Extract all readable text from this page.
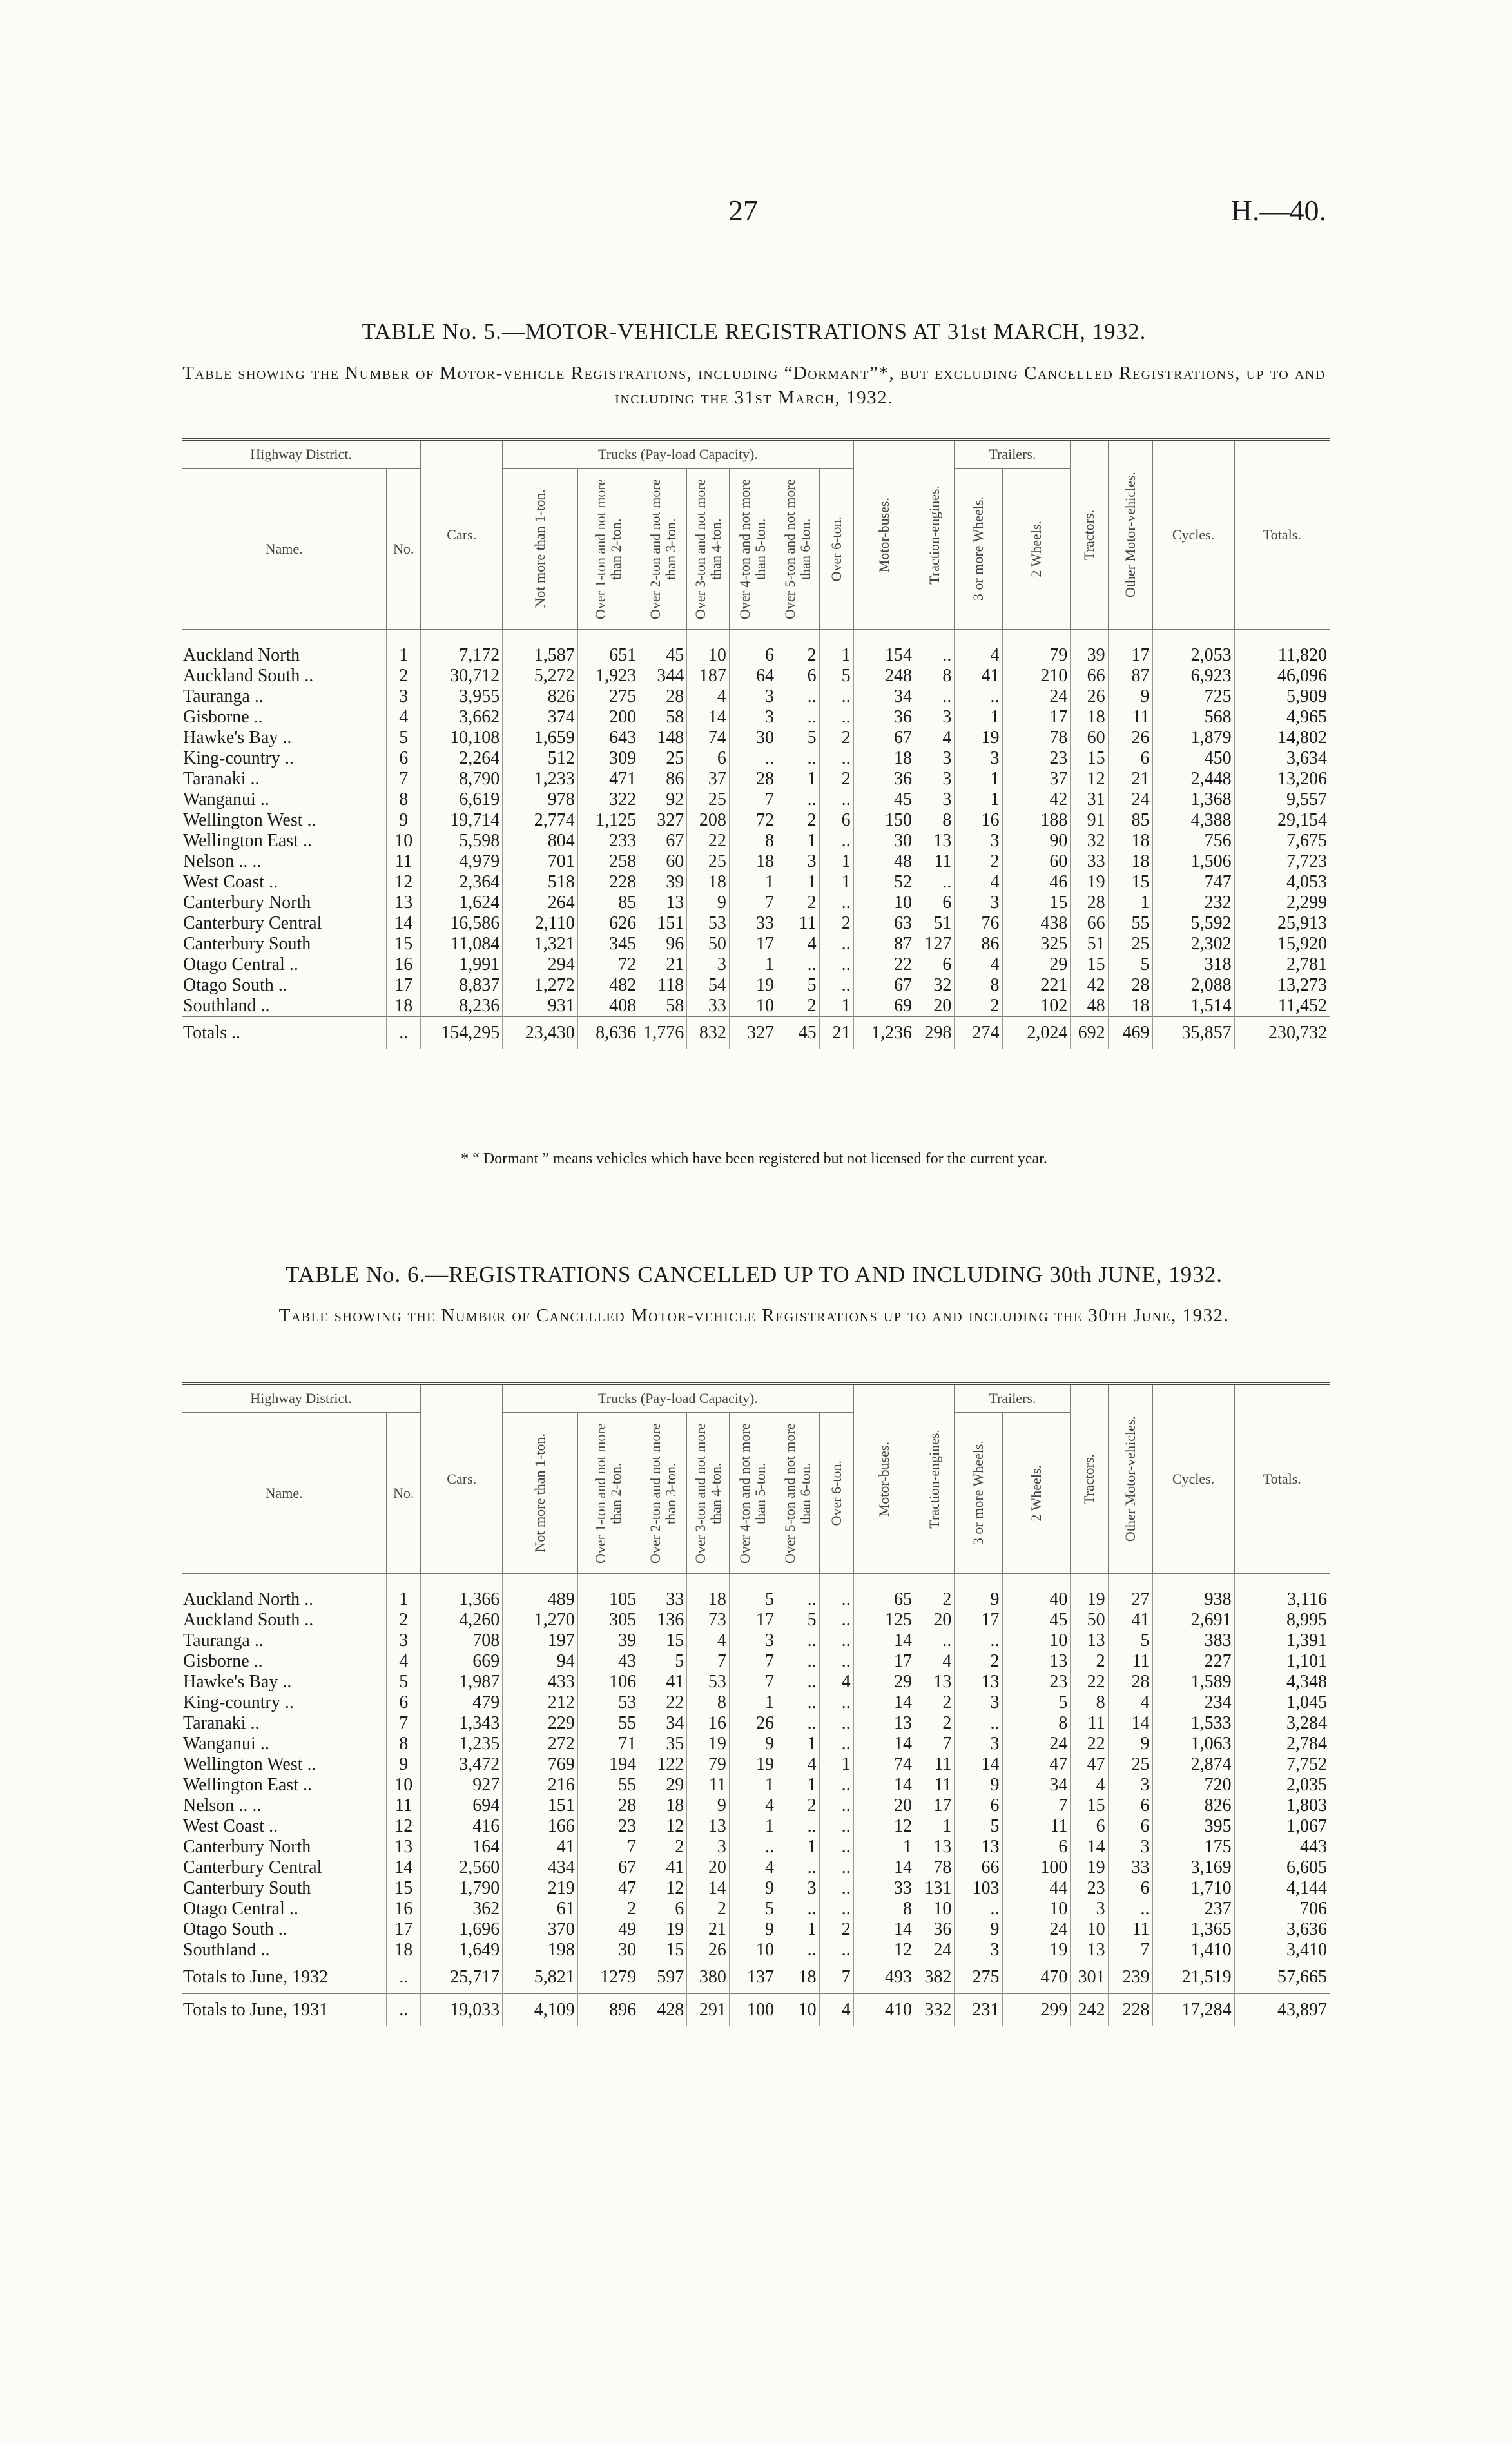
27	H.—40.
TABLE No. 5.—MOTOR-VEHICLE REGISTRATIONS AT 31st MARCH, 1932.
Table showing the Number of Motor-vehicle Registrations, including “Dormant”*, but excluding Cancelled Registrations, up to and including the 31st March, 1932.
Highway District.		Cars.	Trucks (Pay-load Capacity).							Motor-buses.	Traction-engines.	Trailers.		Tractors.	Other Motor-vehicles.	Cycles.	Totals.
Name.	No.		Not more than 1-ton.	Over 1-ton and not more than 2-ton.	Over 2-ton and not more than 3-ton.	Over 3-ton and not more than 4-ton.	Over 4-ton and not more than 5-ton.	Over 5-ton and not more than 6-ton.	Over 6-ton.			3 or more Wheels.	2 Wheels.				

Auckland North	1	7,172	1,587	651	45	10	6	2	1	154	..	4	79	39	17	2,053	11,820
Auckland South ..	2	30,712	5,272	1,923	344	187	64	6	5	248	8	41	210	66	87	6,923	46,096
Tauranga ..	3	3,955	826	275	28	4	3	..	..	34	..	..	24	26	9	725	5,909
Gisborne ..	4	3,662	374	200	58	14	3	..	..	36	3	1	17	18	11	568	4,965
Hawke's Bay ..	5	10,108	1,659	643	148	74	30	5	2	67	4	19	78	60	26	1,879	14,802
King-country ..	6	2,264	512	309	25	6	..	..	..	18	3	3	23	15	6	450	3,634
Taranaki ..	7	8,790	1,233	471	86	37	28	1	2	36	3	1	37	12	21	2,448	13,206
Wanganui ..	8	6,619	978	322	92	25	7	..	..	45	3	1	42	31	24	1,368	9,557
Wellington West ..	9	19,714	2,774	1,125	327	208	72	2	6	150	8	16	188	91	85	4,388	29,154
Wellington East ..	10	5,598	804	233	67	22	8	1	..	30	13	3	90	32	18	756	7,675
Nelson .. ..	11	4,979	701	258	60	25	18	3	1	48	11	2	60	33	18	1,506	7,723
West Coast ..	12	2,364	518	228	39	18	1	1	1	52	..	4	46	19	15	747	4,053
Canterbury North	13	1,624	264	85	13	9	7	2	..	10	6	3	15	28	1	232	2,299
Canterbury Central	14	16,586	2,110	626	151	53	33	11	2	63	51	76	438	66	55	5,592	25,913
Canterbury South	15	11,084	1,321	345	96	50	17	4	..	87	127	86	325	51	25	2,302	15,920
Otago Central ..	16	1,991	294	72	21	3	1	..	..	22	6	4	29	15	5	318	2,781
Otago South ..	17	8,837	1,272	482	118	54	19	5	..	67	32	8	221	42	28	2,088	13,273
Southland ..	18	8,236	931	408	58	33	10	2	1	69	20	2	102	48	18	1,514	11,452
Totals ..	..	154,295	23,430	8,636	1,776	832	327	45	21	1,236	298	274	2,024	692	469	35,857	230,732
* “ Dormant ” means vehicles which have been registered but not licensed for the current year.
TABLE No. 6.—REGISTRATIONS CANCELLED UP TO AND INCLUDING 30th JUNE, 1932.
Table showing the Number of Cancelled Motor-vehicle Registrations up to and including the 30th June, 1932.
Highway District.		Cars.	Trucks (Pay-load Capacity).							Motor-buses.	Traction-engines.	Trailers.		Tractors.	Other Motor-vehicles.	Cycles.	Totals.
Name.	No.		Not more than 1-ton.	Over 1-ton and not more than 2-ton.	Over 2-ton and not more than 3-ton.	Over 3-ton and not more than 4-ton.	Over 4-ton and not more than 5-ton.	Over 5-ton and not more than 6-ton.	Over 6-ton.			3 or more Wheels.	2 Wheels.				

Auckland North ..	1	1,366	489	105	33	18	5	..	..	65	2	9	40	19	27	938	3,116
Auckland South ..	2	4,260	1,270	305	136	73	17	5	..	125	20	17	45	50	41	2,691	8,995
Tauranga ..	3	708	197	39	15	4	3	..	..	14	..	..	10	13	5	383	1,391
Gisborne ..	4	669	94	43	5	7	7	..	..	17	4	2	13	2	11	227	1,101
Hawke's Bay ..	5	1,987	433	106	41	53	7	..	4	29	13	13	23	22	28	1,589	4,348
King-country ..	6	479	212	53	22	8	1	..	..	14	2	3	5	8	4	234	1,045
Taranaki ..	7	1,343	229	55	34	16	26	..	..	13	2	..	8	11	14	1,533	3,284
Wanganui ..	8	1,235	272	71	35	19	9	1	..	14	7	3	24	22	9	1,063	2,784
Wellington West ..	9	3,472	769	194	122	79	19	4	1	74	11	14	47	47	25	2,874	7,752
Wellington East ..	10	927	216	55	29	11	1	1	..	14	11	9	34	4	3	720	2,035
Nelson .. ..	11	694	151	28	18	9	4	2	..	20	17	6	7	15	6	826	1,803
West Coast ..	12	416	166	23	12	13	1	..	..	12	1	5	11	6	6	395	1,067
Canterbury North	13	164	41	7	2	3	..	1	..	1	13	13	6	14	3	175	443
Canterbury Central	14	2,560	434	67	41	20	4	..	..	14	78	66	100	19	33	3,169	6,605
Canterbury South	15	1,790	219	47	12	14	9	3	..	33	131	103	44	23	6	1,710	4,144
Otago Central ..	16	362	61	2	6	2	5	..	..	8	10	..	10	3	..	237	706
Otago South ..	17	1,696	370	49	19	21	9	1	2	14	36	9	24	10	11	1,365	3,636
Southland ..	18	1,649	198	30	15	26	10	..	..	12	24	3	19	13	7	1,410	3,410
Totals to June, 1932	..	25,717	5,821	1279	597	380	137	18	7	493	382	275	470	301	239	21,519	57,665
Totals to June, 1931	..	19,033	4,109	896	428	291	100	10	4	410	332	231	299	242	228	17,284	43,897
